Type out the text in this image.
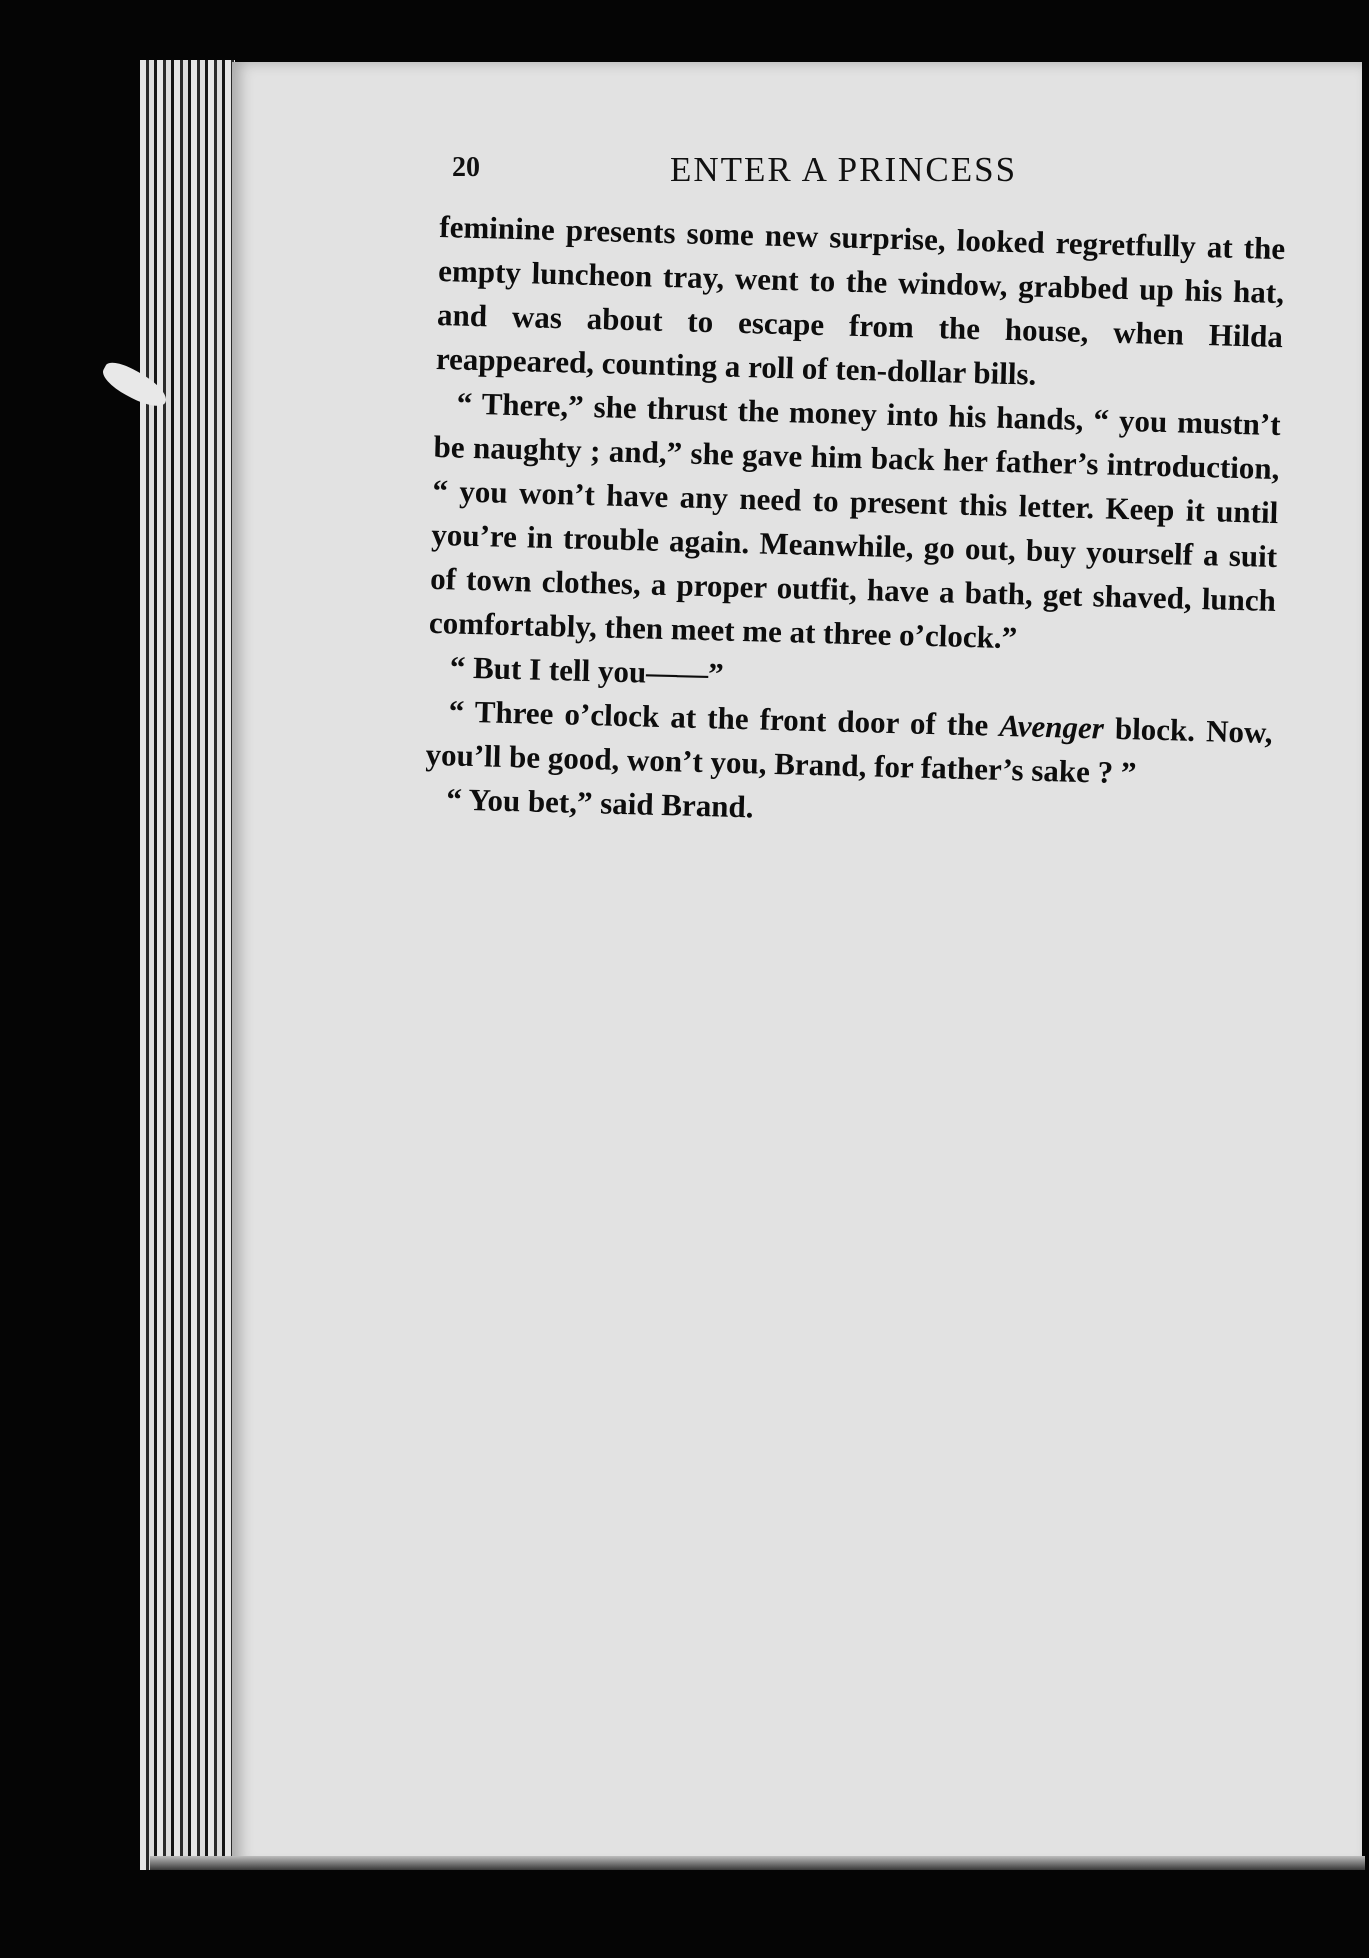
20	ENTER A PRINCESS

feminine presents some new surprise, looked regretfully at the empty luncheon tray, went to the window, grabbed up his hat, and was about to escape from the house, when Hilda reappeared, counting a roll of ten-dollar bills.

“ There,” she thrust the money into his hands, “ you mustn’t be naughty ; and,” she gave him back her father’s introduction, “ you won’t have any need to present this letter. Keep it until you’re in trouble again. Meanwhile, go out, buy yourself a suit of town clothes, a proper outfit, have a bath, get shaved, lunch comfortably, then meet me at three o’clock.”

“ But I tell you——”

“ Three o’clock at the front door of the Avenger block. Now, you’ll be good, won’t you, Brand, for father’s sake ? ”

“ You bet,” said Brand.
